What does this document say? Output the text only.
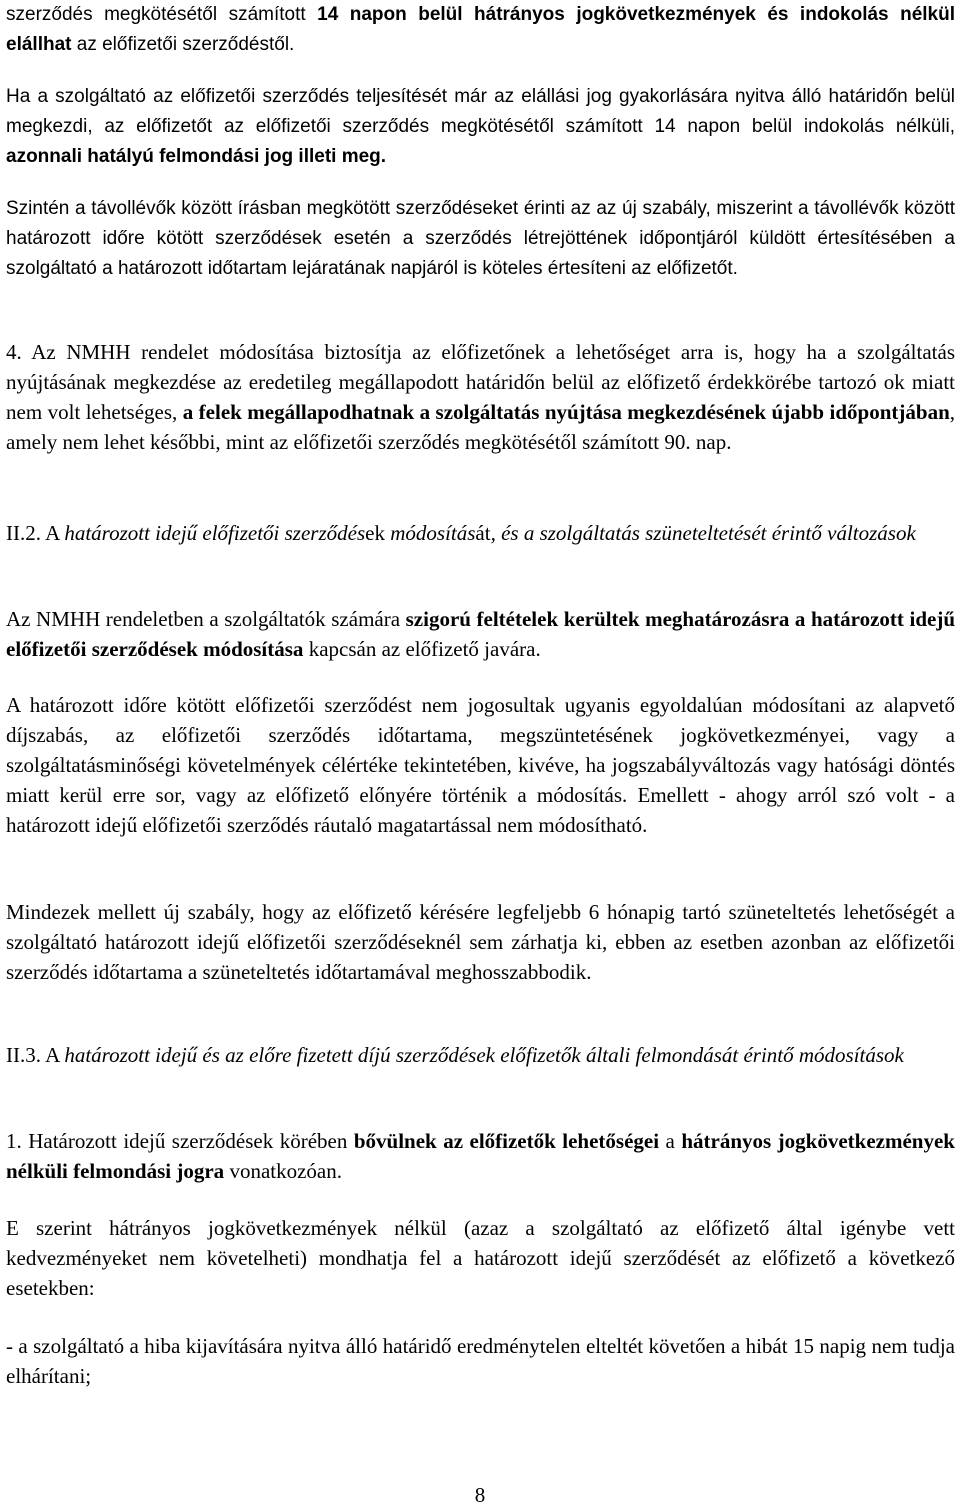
szerződés megkötésétől számított 14 napon belül hátrányos jogkövetkezmények és indokolás nélkül elállhat az előfizetői szerződéstől.

Ha a szolgáltató az előfizetői szerződés teljesítését már az elállási jog gyakorlására nyitva álló határidőn belül megkezdi, az előfizetőt az előfizetői szerződés megkötésétől számított 14 napon belül indokolás nélküli, azonnali hatályú felmondási jog illeti meg.

Szintén a távollévők között írásban megkötött szerződéseket érinti az az új szabály, miszerint a távollévők között határozott időre kötött szerződések esetén a szerződés létrejöttének időpontjáról küldött értesítésében a szolgáltató a határozott időtartam lejáratának napjáról is köteles értesíteni az előfizetőt.

4. Az NMHH rendelet módosítása biztosítja az előfizetőnek a lehetőséget arra is, hogy ha a szolgáltatás nyújtásának megkezdése az eredetileg megállapodott határidőn belül az előfizető érdekkörébe tartozó ok miatt nem volt lehetséges, a felek megállapodhatnak a szolgáltatás nyújtása megkezdésének újabb időpontjában, amely nem lehet későbbi, mint az előfizetői szerződés megkötésétől számított 90. nap.

II.2. A határozott idejű előfizetői szerződések módosítását, és a szolgáltatás szüneteltetését érintő változások

Az NMHH rendeletben a szolgáltatók számára szigorú feltételek kerültek meghatározásra a határozott idejű előfizetői szerződések módosítása kapcsán az előfizető javára.

A határozott időre kötött előfizetői szerződést nem jogosultak ugyanis egyoldalúan módosítani az alapvető díjszabás, az előfizetői szerződés időtartama, megszüntetésének jogkövetkezményei, vagy a szolgáltatásminőségi követelmények célértéke tekintetében, kivéve, ha jogszabályváltozás vagy hatósági döntés miatt kerül erre sor, vagy az előfizető előnyére történik a módosítás. Emellett - ahogy arról szó volt - a határozott idejű előfizetői szerződés ráutaló magatartással nem módosítható.

Mindezek mellett új szabály, hogy az előfizető kérésére legfeljebb 6 hónapig tartó szüneteltetés lehetőségét a szolgáltató határozott idejű előfizetői szerződéseknél sem zárhatja ki, ebben az esetben azonban az előfizetői szerződés időtartama a szüneteltetés időtartamával meghosszabbodik.

II.3. A határozott idejű és az előre fizetett díjú szerződések előfizetők általi felmondását érintő módosítások

1. Határozott idejű szerződések körében bővülnek az előfizetők lehetőségei a hátrányos jogkövetkezmények nélküli felmondási jogra vonatkozóan.

E szerint hátrányos jogkövetkezmények nélkül (azaz a szolgáltató az előfizető által igénybe vett kedvezményeket nem követelheti) mondhatja fel a határozott idejű szerződését az előfizető a következő esetekben:

- a szolgáltató a hiba kijavítására nyitva álló határidő eredménytelen elteltét követően a hibát 15 napig nem tudja elhárítani;

8
